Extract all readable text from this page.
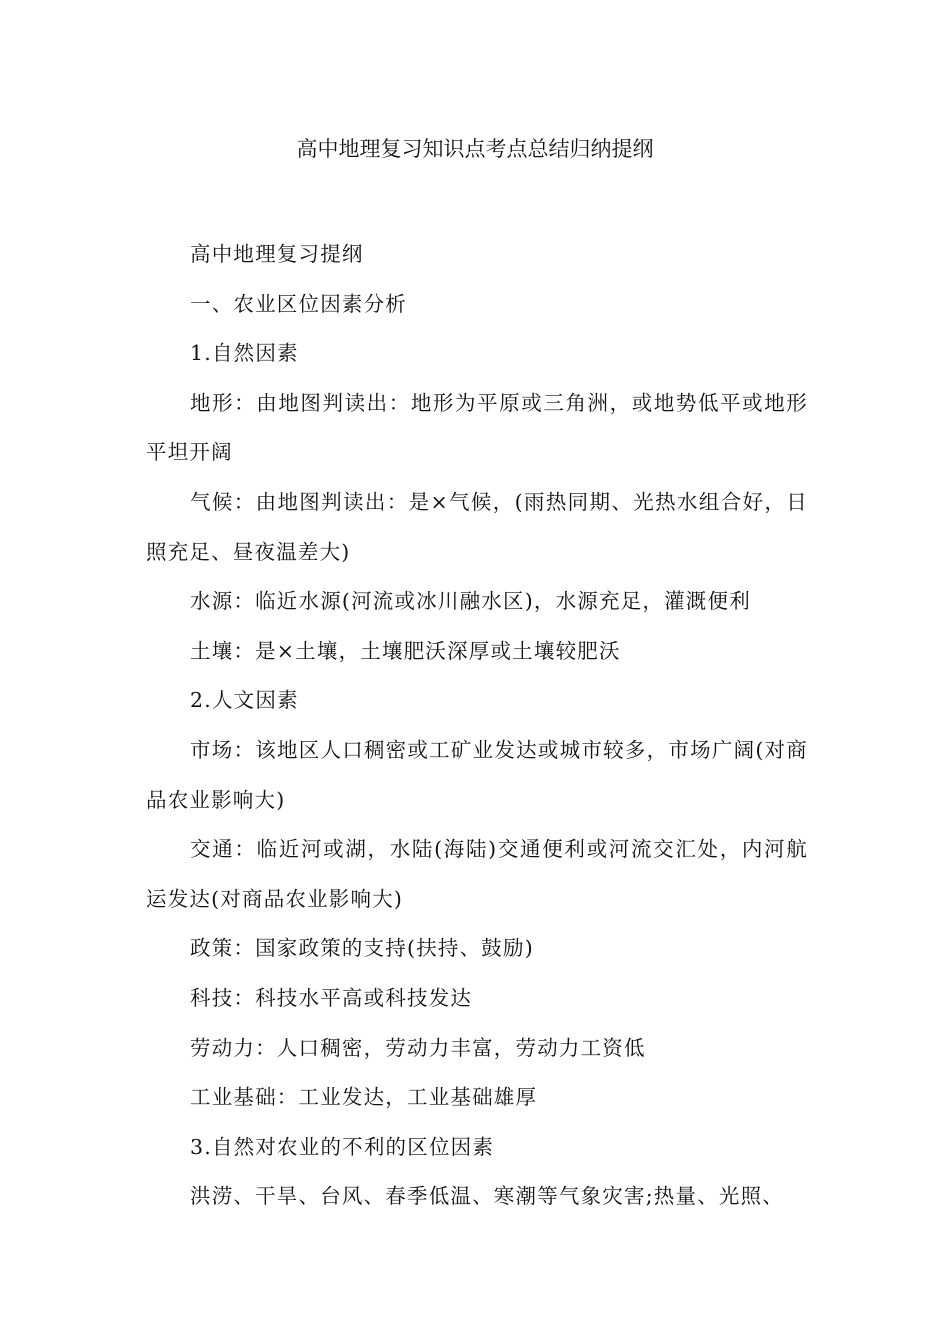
高中地理复习知识点考点总结归纳提纲

高中地理复习提纲

一、农业区位因素分析

1.自然因素

地形：由地图判读出：地形为平原或三角洲，或地势低平或地形平坦开阔

气候：由地图判读出：是×气候，(雨热同期、光热水组合好，日照充足、昼夜温差大)

水源：临近水源(河流或冰川融水区)，水源充足，灌溉便利

土壤：是×土壤，土壤肥沃深厚或土壤较肥沃

2.人文因素

市场：该地区人口稠密或工矿业发达或城市较多，市场广阔(对商品农业影响大)

交通：临近河或湖，水陆(海陆)交通便利或河流交汇处，内河航运发达(对商品农业影响大)

政策：国家政策的支持(扶持、鼓励)

科技：科技水平高或科技发达

劳动力：人口稠密，劳动力丰富，劳动力工资低

工业基础：工业发达，工业基础雄厚

3.自然对农业的不利的区位因素

洪涝、干旱、台风、春季低温、寒潮等气象灾害;热量、光照、
